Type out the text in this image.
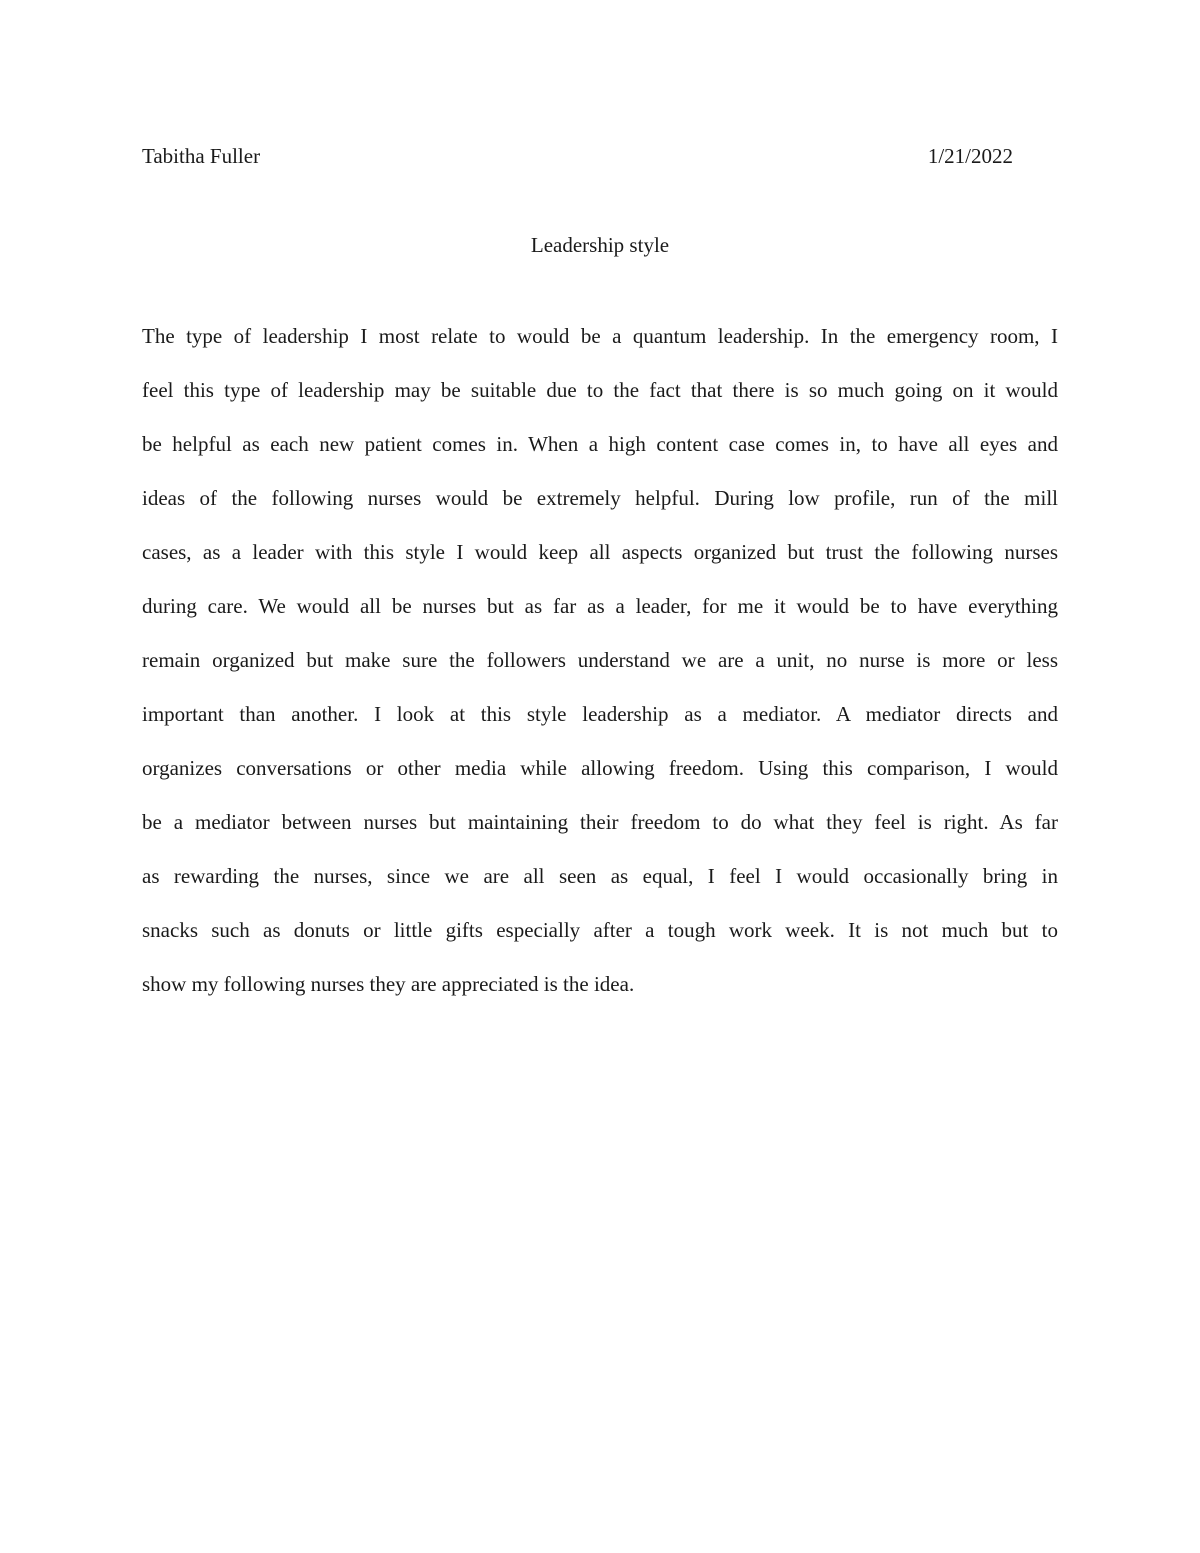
Tabitha Fuller	1/21/2022
Leadership style
The type of leadership I most relate to would be a quantum leadership. In the emergency room, I
feel this type of leadership may be suitable due to the fact that there is so much going on it would
be helpful as each new patient comes in. When a high content case comes in, to have all eyes and
ideas of the following nurses would be extremely helpful. During low profile, run of the mill
cases, as a leader with this style I would keep all aspects organized but trust the following nurses
during care. We would all be nurses but as far as a leader, for me it would be to have everything
remain organized but make sure the followers understand we are a unit, no nurse is more or less
important than another. I look at this style leadership as a mediator. A mediator directs and
organizes conversations or other media while allowing freedom. Using this comparison, I would
be a mediator between nurses but maintaining their freedom to do what they feel is right. As far
as rewarding the nurses, since we are all seen as equal, I feel I would occasionally bring in
snacks such as donuts or little gifts especially after a tough work week. It is not much but to
show my following nurses they are appreciated is the idea.
